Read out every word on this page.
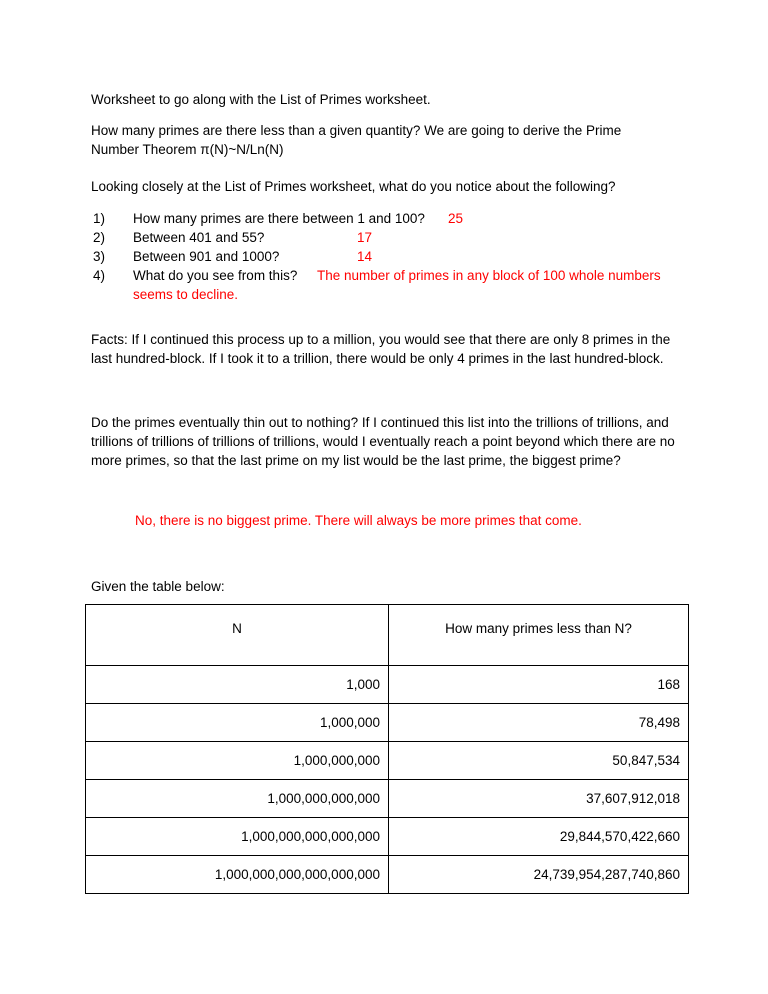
Worksheet to go along with the List of Primes worksheet.

How many primes are there less than a given quantity? We are going to derive the Prime Number Theorem π(N)~N/Ln(N)

Looking closely at the List of Primes worksheet, what do you notice about the following?

1) How many primes are there between 1 and 100? 25
2) Between 401 and 55?	17
3) Between 901 and 1000?	14
4) What do you see from this? The number of primes in any block of 100 whole numbers
seems to decline.

Facts: If I continued this process up to a million, you would see that there are only 8 primes in the last hundred-block. If I took it to a trillion, there would be only 4 primes in the last hundred-block.

Do the primes eventually thin out to nothing? If I continued this list into the trillions of trillions, and trillions of trillions of trillions of trillions, would I eventually reach a point beyond which there are no more primes, so that the last prime on my list would be the last prime, the biggest prime?

No, there is no biggest prime. There will always be more primes that come.

Given the table below:

N	How many primes less than N?
1,000	168
1,000,000	78,498
1,000,000,000	50,847,534
1,000,000,000,000	37,607,912,018
1,000,000,000,000,000	29,844,570,422,660
1,000,000,000,000,000,000	24,739,954,287,740,860
